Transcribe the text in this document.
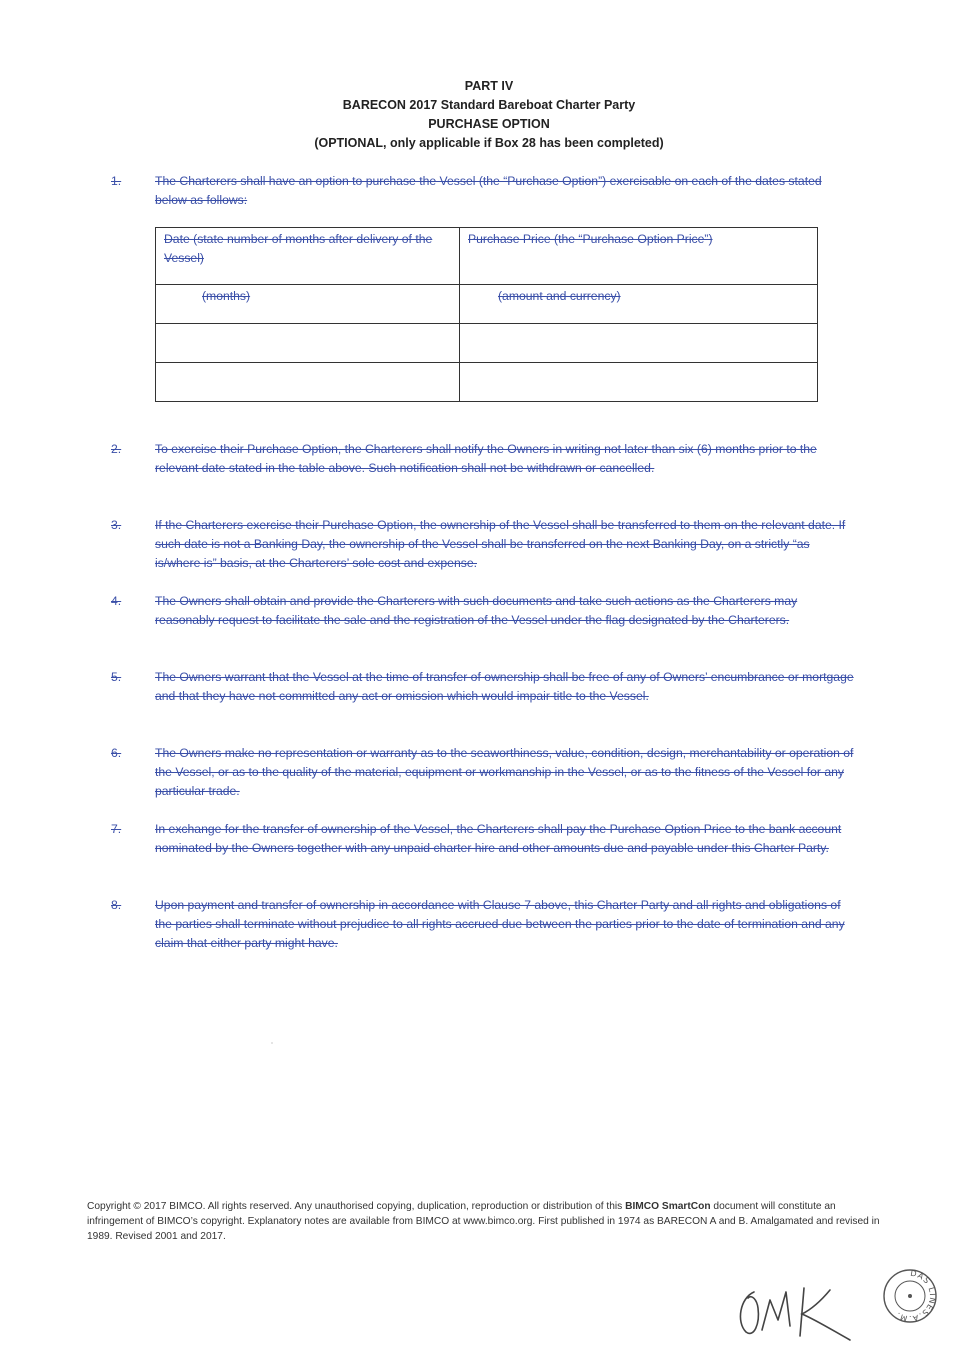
PART IV
BARECON 2017 Standard Bareboat Charter Party
PURCHASE OPTION
(OPTIONAL, only applicable if Box 28 has been completed)
1.	The Charterers shall have an option to purchase the Vessel (the “Purchase Option”) exercisable on each of the dates stated below as follows:
Date (state number of months after delivery of the Vessel)	Purchase Price (the “Purchase Option Price”)
(months)	(amount and currency)

2.	To exercise their Purchase Option, the Charterers shall notify the Owners in writing not later than six (6) months prior to the relevant date stated in the table above. Such notification shall not be withdrawn or cancelled.
3.	If the Charterers exercise their Purchase Option, the ownership of the Vessel shall be transferred to them on the relevant date. If such date is not a Banking Day, the ownership of the Vessel shall be transferred on the next Banking Day, on a strictly “as is/where is” basis, at the Charterers’ sole cost and expense.
4.	The Owners shall obtain and provide the Charterers with such documents and take such actions as the Charterers may reasonably request to facilitate the sale and the registration of the Vessel under the flag designated by the Charterers.
5.	The Owners warrant that the Vessel at the time of transfer of ownership shall be free of any of Owners’ encumbrance or mortgage and that they have not committed any act or omission which would impair title to the Vessel.
6.	The Owners make no representation or warranty as to the seaworthiness, value, condition, design, merchantability or operation of the Vessel, or as to the quality of the material, equipment or workmanship in the Vessel, or as to the fitness of the Vessel for any particular trade.
7.	In exchange for the transfer of ownership of the Vessel, the Charterers shall pay the Purchase Option Price to the bank account nominated by the Owners together with any unpaid charter hire and other amounts due and payable under this Charter Party.
8.	Upon payment and transfer of ownership in accordance with Clause 7 above, this Charter Party and all rights and obligations of the parties shall terminate without prejudice to all rights accrued due between the parties prior to the date of termination and any claim that either party might have.
Copyright © 2017 BIMCO. All rights reserved. Any unauthorised copying, duplication, reproduction or distribution of this BIMCO SmartCon document will constitute an infringement of BIMCO’s copyright. Explanatory notes are available from BIMCO at www.bimco.org. First published in 1974 as BARECON A and B. Amalgamated and revised in 1989. Revised 2001 and 2017.
DAS LINES.A.M.
